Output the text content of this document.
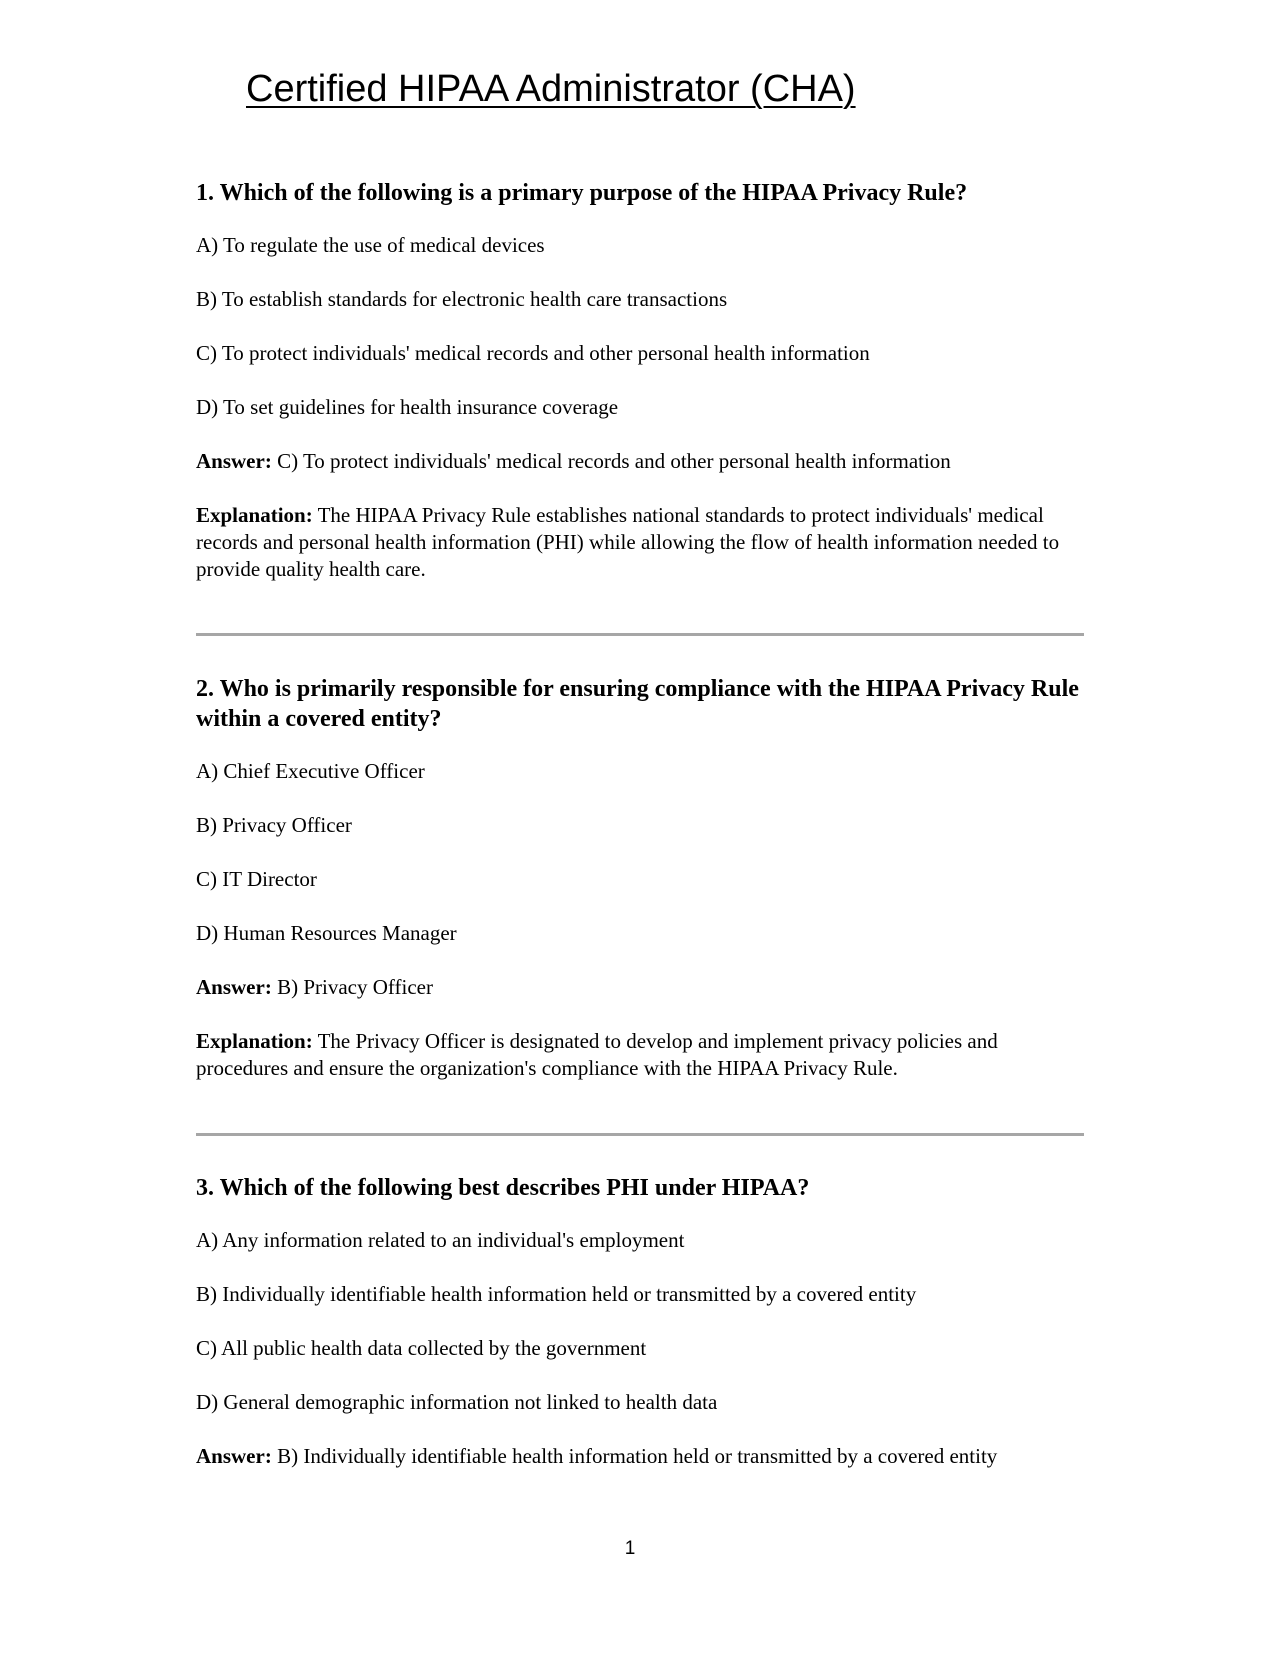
Certified HIPAA Administrator (CHA)

1. Which of the following is a primary purpose of the HIPAA Privacy Rule?

A) To regulate the use of medical devices

B) To establish standards for electronic health care transactions

C) To protect individuals' medical records and other personal health information

D) To set guidelines for health insurance coverage

Answer: C) To protect individuals' medical records and other personal health information

Explanation: The HIPAA Privacy Rule establishes national standards to protect individuals' medical records and personal health information (PHI) while allowing the flow of health information needed to provide quality health care.

2. Who is primarily responsible for ensuring compliance with the HIPAA Privacy Rule within a covered entity?

A) Chief Executive Officer

B) Privacy Officer

C) IT Director

D) Human Resources Manager

Answer: B) Privacy Officer

Explanation: The Privacy Officer is designated to develop and implement privacy policies and procedures and ensure the organization's compliance with the HIPAA Privacy Rule.

3. Which of the following best describes PHI under HIPAA?

A) Any information related to an individual's employment

B) Individually identifiable health information held or transmitted by a covered entity

C) All public health data collected by the government

D) General demographic information not linked to health data

Answer: B) Individually identifiable health information held or transmitted by a covered entity

1
